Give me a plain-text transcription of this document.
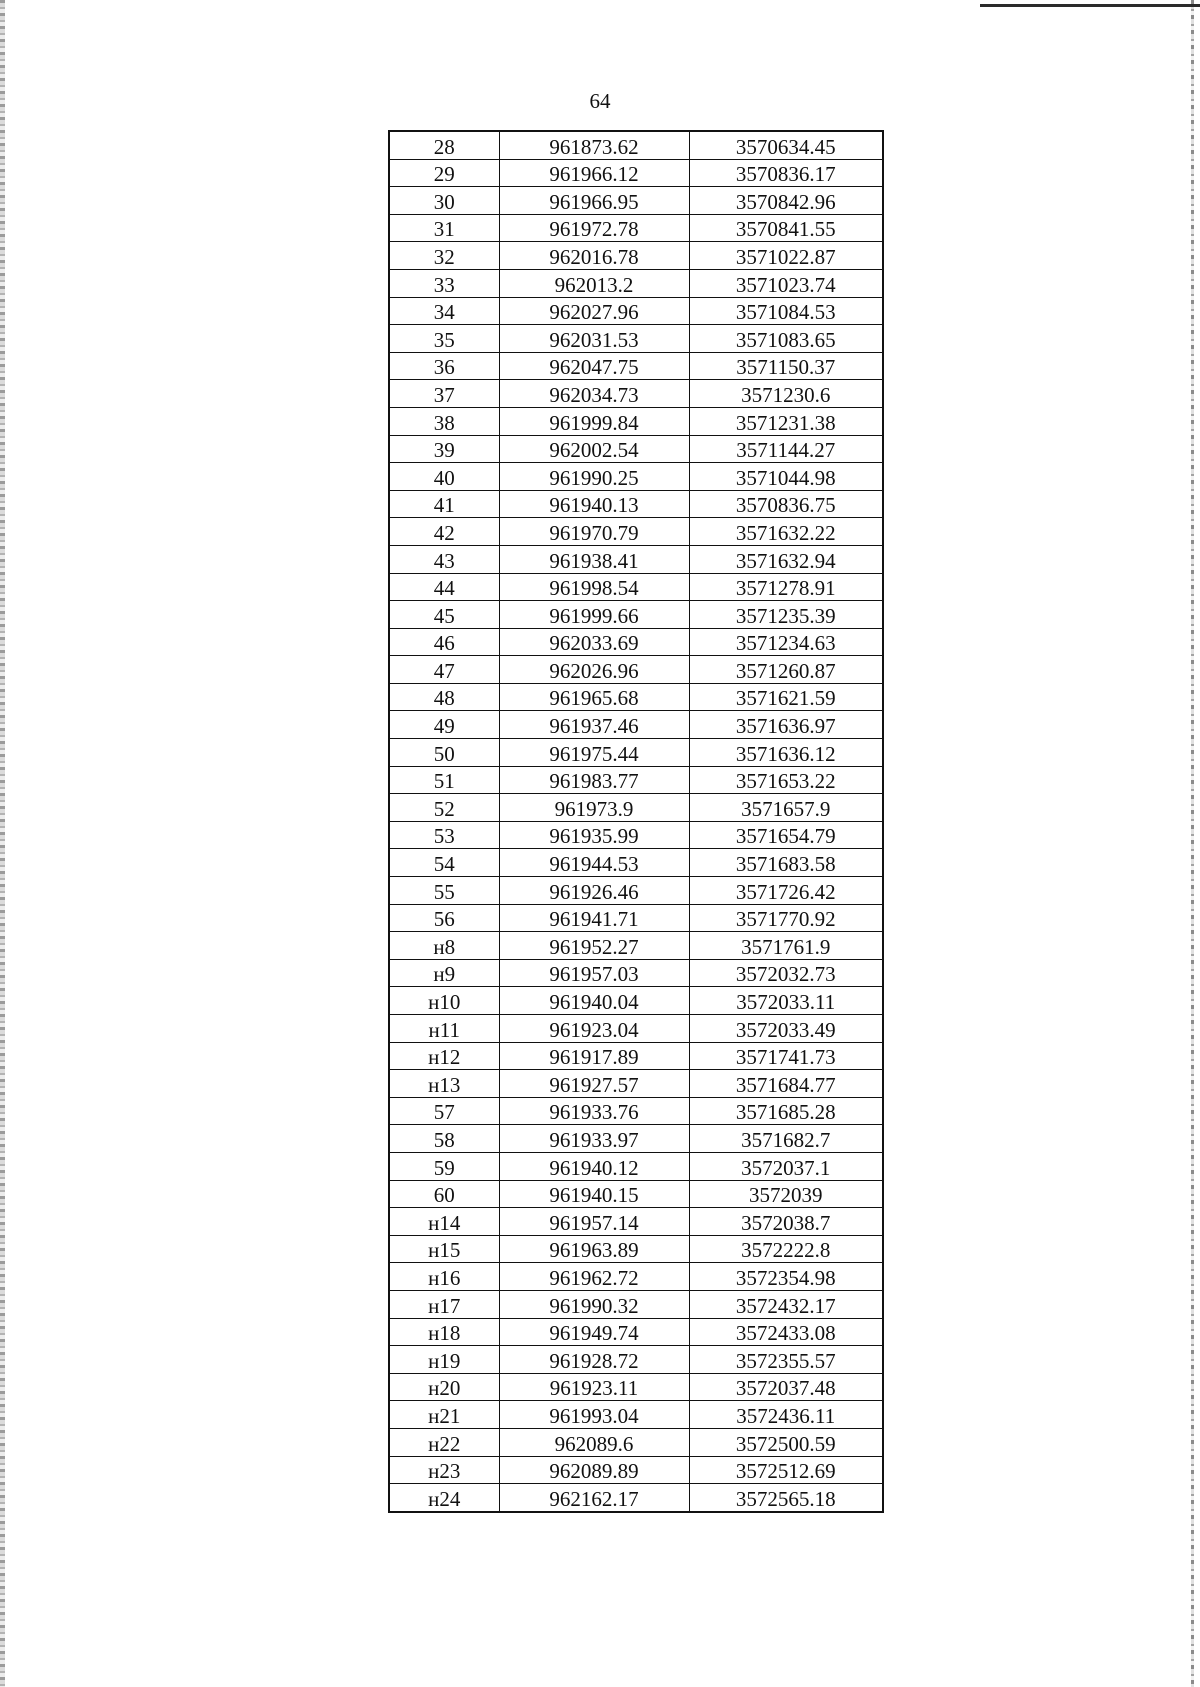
64
28	961873.62	3570634.45
29	961966.12	3570836.17
30	961966.95	3570842.96
31	961972.78	3570841.55
32	962016.78	3571022.87
33	962013.2	3571023.74
34	962027.96	3571084.53
35	962031.53	3571083.65
36	962047.75	3571150.37
37	962034.73	3571230.6
38	961999.84	3571231.38
39	962002.54	3571144.27
40	961990.25	3571044.98
41	961940.13	3570836.75
42	961970.79	3571632.22
43	961938.41	3571632.94
44	961998.54	3571278.91
45	961999.66	3571235.39
46	962033.69	3571234.63
47	962026.96	3571260.87
48	961965.68	3571621.59
49	961937.46	3571636.97
50	961975.44	3571636.12
51	961983.77	3571653.22
52	961973.9	3571657.9
53	961935.99	3571654.79
54	961944.53	3571683.58
55	961926.46	3571726.42
56	961941.71	3571770.92
н8	961952.27	3571761.9
н9	961957.03	3572032.73
н10	961940.04	3572033.11
н11	961923.04	3572033.49
н12	961917.89	3571741.73
н13	961927.57	3571684.77
57	961933.76	3571685.28
58	961933.97	3571682.7
59	961940.12	3572037.1
60	961940.15	3572039
н14	961957.14	3572038.7
н15	961963.89	3572222.8
н16	961962.72	3572354.98
н17	961990.32	3572432.17
н18	961949.74	3572433.08
н19	961928.72	3572355.57
н20	961923.11	3572037.48
н21	961993.04	3572436.11
н22	962089.6	3572500.59
н23	962089.89	3572512.69
н24	962162.17	3572565.18
